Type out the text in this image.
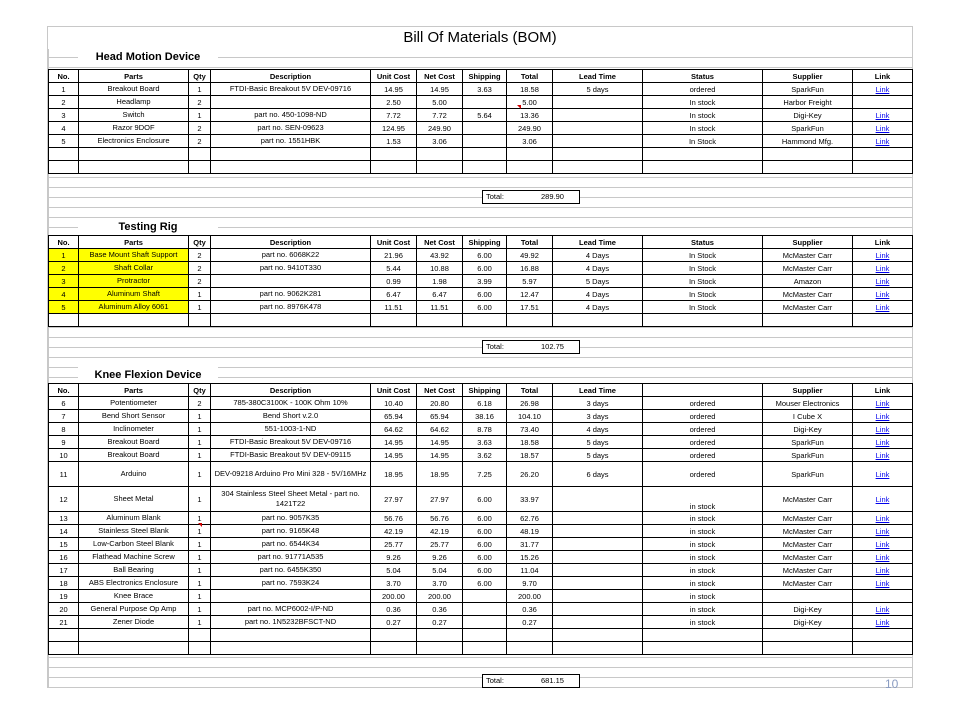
Bill Of Materials (BOM)
Head Motion Device
No.	Parts	Qty	Description	Unit Cost	Net Cost	Shipping	Total	Lead Time	Status	Supplier	Link
1	Breakout Board	1	FTDI-Basic Breakout 5V DEV-09716	14.95	14.95	3.63	18.58	5 days	ordered	SparkFun	Link
2	Headlamp	2		2.50	5.00		5.00		In stock	Harbor Freight	
3	Switch	1	part no. 450-1098-ND	7.72	7.72	5.64	13.36		In stock	Digi-Key	Link
4	Razor 9DOF	2	part no. SEN-09623	124.95	249.90		249.90		In stock	SparkFun	Link
5	Electronics Enclosure	2	part no. 1551HBK	1.53	3.06		3.06		In Stock	Hammond Mfg.	Link

Total:	289.90
Testing Rig
No.	Parts	Qty	Description	Unit Cost	Net Cost	Shipping	Total	Lead Time	Status	Supplier	Link
1	Base Mount Shaft Support	2	part no. 6068K22	21.96	43.92	6.00	49.92	4 Days	In Stock	McMaster Carr	Link
2	Shaft Collar	2	part no. 9410T330	5.44	10.88	6.00	16.88	4 Days	In Stock	McMaster Carr	Link
3	Protractor	2		0.99	1.98	3.99	5.97	5 Days	In Stock	Amazon	Link
4	Aluminum Shaft	1	part no. 9062K281	6.47	6.47	6.00	12.47	4 Days	In Stock	McMaster Carr	Link
5	Aluminum Alloy 6061	1	part no. 8976K478	11.51	11.51	6.00	17.51	4 Days	In Stock	McMaster Carr	Link

Total:	102.75
Knee Flexion Device
No.	Parts	Qty	Description	Unit Cost	Net Cost	Shipping	Total	Lead Time		Supplier	Link
6	Potentiometer	2	785-380C3100K - 100K Ohm 10%	10.40	20.80	6.18	26.98	3 days	ordered	Mouser Electronics	Link
7	Bend Short Sensor	1	Bend Short v.2.0	65.94	65.94	38.16	104.10	3 days	ordered	I Cube X	Link
8	Inclinometer	1	551-1003-1-ND	64.62	64.62	8.78	73.40	4 days	ordered	Digi-Key	Link
9	Breakout Board	1	FTDI-Basic Breakout 5V DEV-09716	14.95	14.95	3.63	18.58	5 days	ordered	SparkFun	Link
10	Breakout Board	1	FTDI-Basic Breakout 5V DEV-09115	14.95	14.95	3.62	18.57	5 days	ordered	SparkFun	Link
11	Arduino	1	DEV-09218 Arduino Pro Mini 328 - 5V/16MHz	18.95	18.95	7.25	26.20	6 days	ordered	SparkFun	Link
12	Sheet Metal	1	304 Stainless Steel Sheet Metal - part no. 1421T22	27.97	27.97	6.00	33.97		in stock	McMaster Carr	Link
13	Aluminum Blank	1	part no. 9057K35	56.76	56.76	6.00	62.76		in stock	McMaster Carr	Link
14	Stainless Steel Blank	1	part no. 9165K48	42.19	42.19	6.00	48.19		in stock	McMaster Carr	Link
15	Low-Carbon Steel Blank	1	part no. 6544K34	25.77	25.77	6.00	31.77		in stock	McMaster Carr	Link
16	Flathead Machine Screw	1	part no. 91771A535	9.26	9.26	6.00	15.26		in stock	McMaster Carr	Link
17	Ball Bearing	1	part no. 6455K350	5.04	5.04	6.00	11.04		in stock	McMaster Carr	Link
18	ABS Electronics Enclosure	1	part no. 7593K24	3.70	3.70	6.00	9.70		in stock	McMaster Carr	Link
19	Knee Brace	1		200.00	200.00		200.00		in stock		
20	General Purpose Op Amp	1	part no. MCP6002-I/P-ND	0.36	0.36		0.36		in stock	Digi-Key	Link
21	Zener Diode	1	part no. 1N5232BFSCT-ND	0.27	0.27		0.27		in stock	Digi-Key	Link

Total:	681.15	10
